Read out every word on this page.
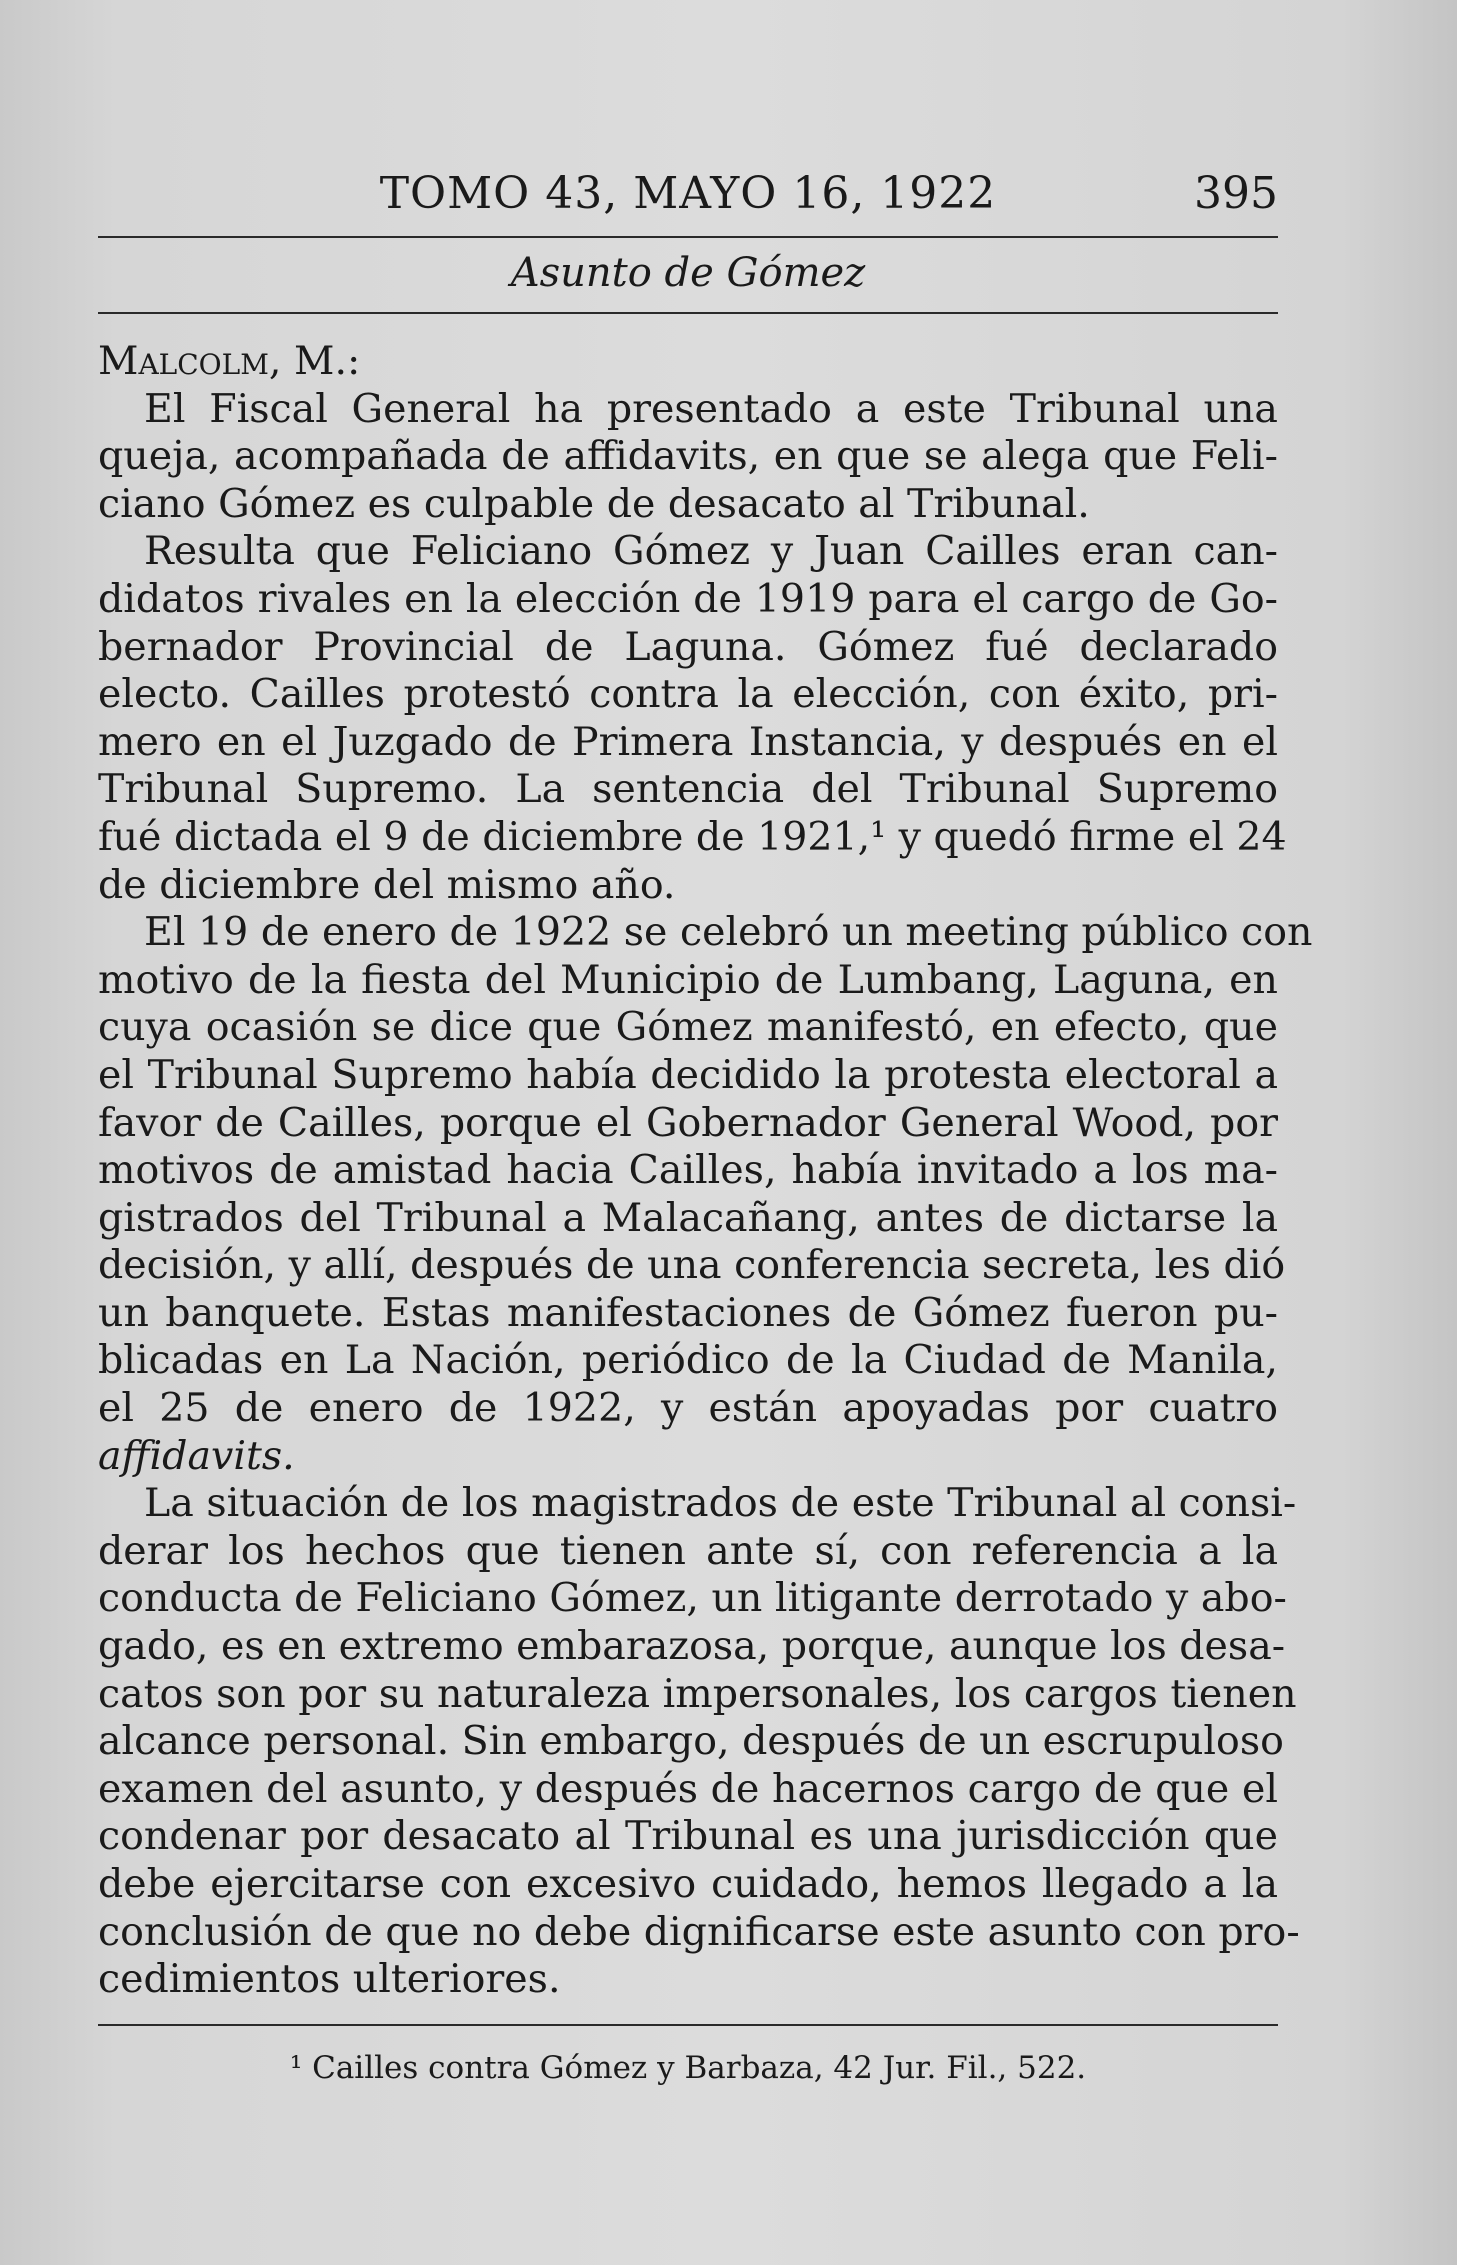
TOMO 43, MAYO 16, 1922	395
Asunto de Gómez
Malcolm, M.:
El Fiscal General ha presentado a este Tribunal una
queja, acompañada de affidavits, en que se alega que Feli-
ciano Gómez es culpable de desacato al Tribunal.
Resulta que Feliciano Gómez y Juan Cailles eran can-
didatos rivales en la elección de 1919 para el cargo de Go-
bernador Provincial de Laguna. Gómez fué declarado
electo. Cailles protestó contra la elección, con éxito, pri-
mero en el Juzgado de Primera Instancia, y después en el
Tribunal Supremo. La sentencia del Tribunal Supremo
fué dictada el 9 de diciembre de 1921,¹ y quedó firme el 24
de diciembre del mismo año.
El 19 de enero de 1922 se celebró un meeting público con
motivo de la fiesta del Municipio de Lumbang, Laguna, en
cuya ocasión se dice que Gómez manifestó, en efecto, que
el Tribunal Supremo había decidido la protesta electoral a
favor de Cailles, porque el Gobernador General Wood, por
motivos de amistad hacia Cailles, había invitado a los ma-
gistrados del Tribunal a Malacañang, antes de dictarse la
decisión, y allí, después de una conferencia secreta, les dió
un banquete. Estas manifestaciones de Gómez fueron pu-
blicadas en La Nación, periódico de la Ciudad de Manila,
el 25 de enero de 1922, y están apoyadas por cuatro
affidavits.
La situación de los magistrados de este Tribunal al consi-
derar los hechos que tienen ante sí, con referencia a la
conducta de Feliciano Gómez, un litigante derrotado y abo-
gado, es en extremo embarazosa, porque, aunque los desa-
catos son por su naturaleza impersonales, los cargos tienen
alcance personal. Sin embargo, después de un escrupuloso
examen del asunto, y después de hacernos cargo de que el
condenar por desacato al Tribunal es una jurisdicción que
debe ejercitarse con excesivo cuidado, hemos llegado a la
conclusión de que no debe dignificarse este asunto con pro-
cedimientos ulteriores.
¹ Cailles contra Gómez y Barbaza, 42 Jur. Fil., 522.
